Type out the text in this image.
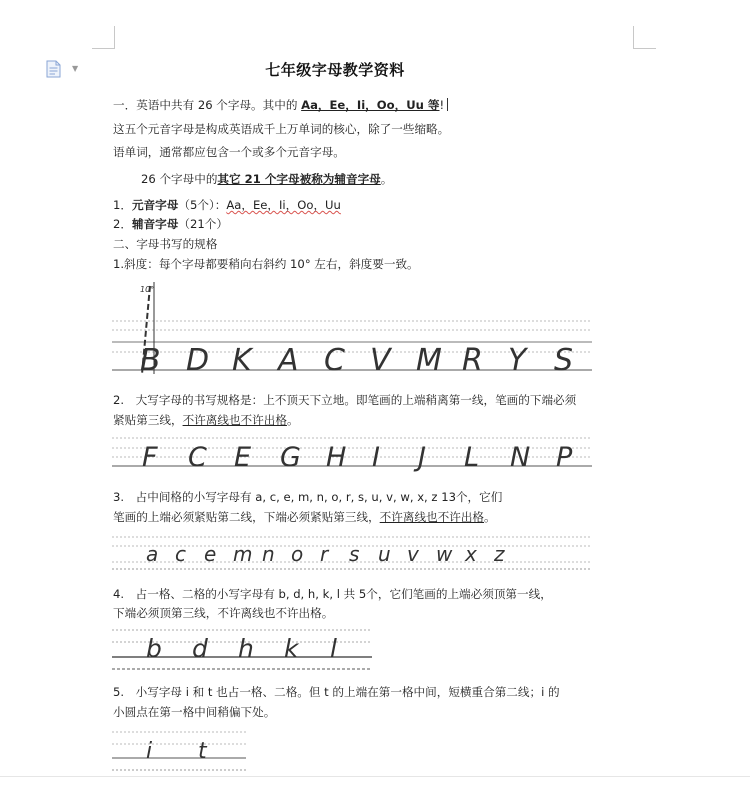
▼	七年级字母教学资料
一．英语中共有 26 个字母。其中的 Aa，Ee，Ii，Oo，Uu 等!
这五个元音字母是构成英语成千上万单词的核心，除了一些缩略。
语单词，通常都应包含一个或多个元音字母。
26 个字母中的其它 21 个字母被称为辅音字母。
1．元音字母（5个）：Aa，Ee，Ii，Oo，Uu
2．辅音字母（21个）
二、字母书写的规格
1.斜度：每个字母都要稍向右斜约 10° 左右，斜度要一致。
10°
B D K A C V M R Y S
2.　大写字母的书写规格是：上不顶天下立地。即笔画的上端稍离第一线，笔画的下端必须
紧贴第三线，不许离线也不许出格。
F C E G H I J L N P
3.　占中间格的小写字母有 a, c, e, m, n, o, r, s, u, v, w, x, z 13个，它们
笔画的上端必须紧贴第二线，下端必须紧贴第三线，不许离线也不许出格。
a c e m n o r s u v w x z
4.　占一格、二格的小写字母有 b, d, h, k, l 共 5个，它们笔画的上端必须顶第一线，
下端必须顶第三线，不许离线也不许出格。
b d h k l
5.　小写字母 i 和 t 也占一格、二格。但 t 的上端在第一格中间，短横重合第二线；i 的
小圆点在第一格中间稍偏下处。
i t
